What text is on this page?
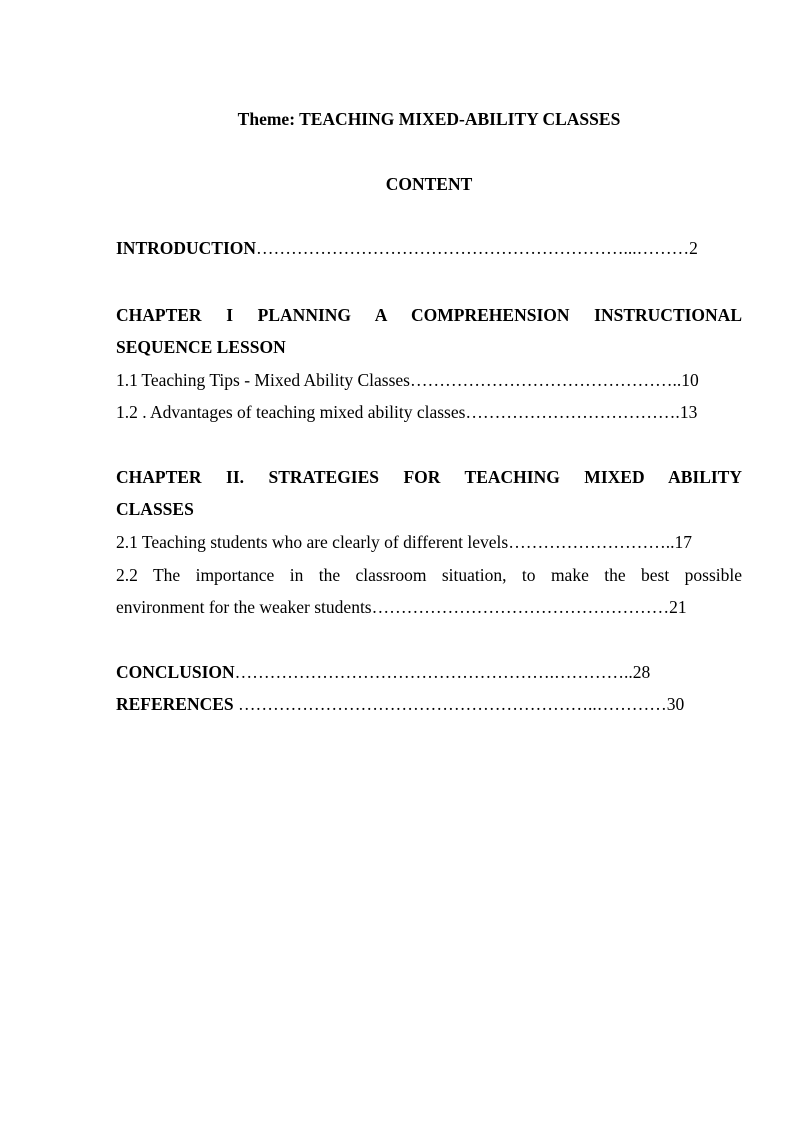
Theme: TEACHING MIXED-ABILITY CLASSES
CONTENT
INTRODUCTION………………………………………………………...………2
CHAPTER I PLANNING A COMPREHENSION INSTRUCTIONAL
SEQUENCE LESSON
1.1 Teaching Tips - Mixed Ability Classes………………………………………..10
1.2 . Advantages of teaching mixed ability classes……………………………….13
CHAPTER II. STRATEGIES FOR TEACHING MIXED ABILITY
CLASSES
2.1 Teaching students who are clearly of different levels………………………..17
2.2 The importance in the classroom situation, to make the best possible
environment for the weaker students……………………………………………21
CONCLUSION……………………………………………….…………..28
REFERENCES ……………………………………………………..…………30
